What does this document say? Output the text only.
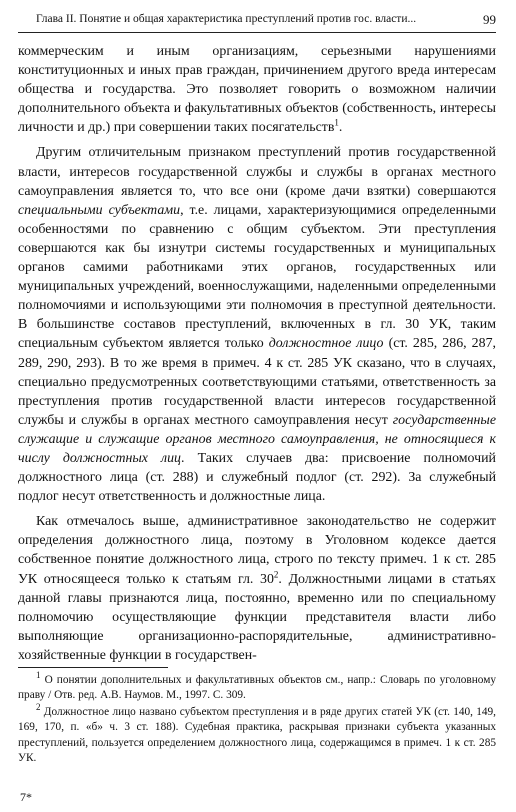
Глава II. Понятие и общая характеристика преступлений против гос. власти...	99

коммерческим и иным организациям, серьезными нарушениями конституционных и иных прав граждан, причинением другого вреда интересам общества и государства. Это позволяет говорить о возможном наличии дополнительного объекта и факультативных объектов (собственность, интересы личности и др.) при совершении таких посягательств$^1$.

Другим отличительным признаком преступлений против государственной власти, интересов государственной службы и службы в органах местного самоуправления является то, что все они (кроме дачи взятки) совершаются специальными субъектами, т.е. лицами, характеризующимися определенными особенностями по сравнению с общим субъектом. Эти преступления совершаются как бы изнутри системы государственных и муниципальных органов самими работниками этих органов, государственных или муниципальных учреждений, военнослужащими, наделенными определенными полномочиями и использующими эти полномочия в преступной деятельности. В большинстве составов преступлений, включенных в гл. 30 УК, таким специальным субъектом является только должностное лицо (ст. 285, 286, 287, 289, 290, 293). В то же время в примеч. 4 к ст. 285 УК сказано, что в случаях, специально предусмотренных соответствующими статьями, ответственность за преступления против государственной власти интересов государственной службы и службы в органах местного самоуправления несут государственные служащие и служащие органов местного самоуправления, не относящиеся к числу должностных лиц. Таких случаев два: присвоение полномочий должностного лица (ст. 288) и служебный подлог (ст. 292). За служебный подлог несут ответственность и должностные лица.

Как отмечалось выше, административное законодательство не содержит определения должностного лица, поэтому в Уголовном кодексе дается собственное понятие должностного лица, строго по тексту примеч. 1 к ст. 285 УК относящееся только к статьям гл. $30^2$. Должностными лицами в статьях данной главы признаются лица, постоянно, временно или по специальному полномочию осуществляющие функции представителя власти либо выполняющие организационно-распорядительные, административно-хозяйственные функции в государствен-

$^1$ О понятии дополнительных и факультативных объектов см., напр.: Словарь по уголовному праву / Отв. ред. А.В. Наумов. М., 1997. С. 309.

$^2$ Должностное лицо названо субъектом преступления и в ряде других статей УК (ст. 140, 149, 169, 170, п. «б» ч. 3 ст. 188). Судебная практика, раскрывая признаки субъекта указанных преступлений, пользуется определением должностного лица, содержащимся в примеч. 1 к ст. 285 УК.

7*
